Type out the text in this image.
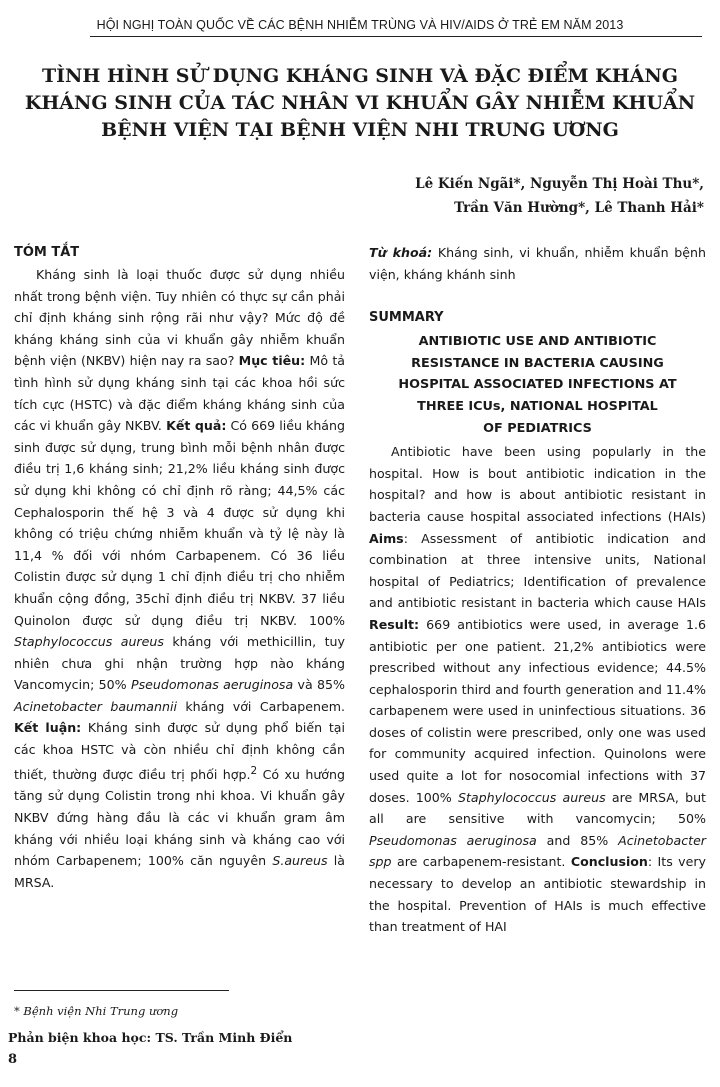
HỘI NGHỊ TOÀN QUỐC VỀ CÁC BỆNH NHIỄM TRÙNG VÀ HIV/AIDS Ở TRẺ EM NĂM 2013
TÌNH HÌNH SỬ DỤNG KHÁNG SINH VÀ ĐẶC ĐIỂM KHÁNG
KHÁNG SINH CỦA TÁC NHÂN VI KHUẨN GÂY NHIỄM KHUẨN
BỆNH VIỆN TẠI BỆNH VIỆN NHI TRUNG ƯƠNG
Lê Kiến Ngãi*, Nguyễn Thị Hoài Thu*,
Trần Văn Hường*, Lê Thanh Hải*
TÓM TẮT

Kháng sinh là loại thuốc được sử dụng nhiều nhất trong bệnh viện. Tuy nhiên có thực sự cần phải chỉ định kháng sinh rộng rãi như vậy? Mức độ đề kháng kháng sinh của vi khuẩn gây nhiễm khuẩn bệnh viện (NKBV) hiện nay ra sao? Mục tiêu: Mô tả tình hình sử dụng kháng sinh tại các khoa hồi sức tích cực (HSTC) và đặc điểm kháng kháng sinh của các vi khuẩn gây NKBV. Kết quả: Có 669 liều kháng sinh được sử dụng, trung bình mỗi bệnh nhân được điều trị 1,6 kháng sinh; 21,2% liều kháng sinh được sử dụng khi không có chỉ định rõ ràng; 44,5% các Cephalosporin thế hệ 3 và 4 được sử dụng khi không có triệu chứng nhiễm khuẩn và tỷ lệ này là 11,4 % đối với nhóm Carbapenem. Có 36 liều Colistin được sử dụng 1 chỉ định điều trị cho nhiễm khuẩn cộng đồng, 35chỉ định điều trị NKBV. 37 liều Quinolon được sử dụng điều trị NKBV. 100% Staphylococcus aureus kháng với methicillin, tuy nhiên chưa ghi nhận trường hợp nào kháng Vancomycin; 50% Pseudomonas aeruginosa và 85% Acinetobacter baumannii kháng với Carbapenem. Kết luận: Kháng sinh được sử dụng phổ biến tại các khoa HSTC và còn nhiều chỉ định không cần thiết, thường được điều trị phối hợp.$^2$ Có xu hướng tăng sử dụng Colistin trong nhi khoa. Vi khuẩn gây NKBV đứng hàng đầu là các vi khuẩn gram âm kháng với nhiều loại kháng sinh và kháng cao với nhóm Carbapenem; 100% căn nguyên S.aureus là MRSA.

Từ khoá: Kháng sinh, vi khuẩn, nhiễm khuẩn bệnh viện, kháng khánh sinh

SUMMARY
ANTIBIOTIC USE AND ANTIBIOTIC
RESISTANCE IN BACTERIA CAUSING
HOSPITAL ASSOCIATED INFECTIONS AT
THREE ICUs, NATIONAL HOSPITAL
OF PEDIATRICS

Antibiotic have been using popularly in the hospital. How is bout antibiotic indication in the hospital? and how is about antibiotic resistant in bacteria cause hospital associated infections (HAIs) Aims: Assessment of antibiotic indication and combination at three intensive units, National hospital of Pediatrics; Identification of prevalence and antibiotic resistant in bacteria which cause HAIs Result: 669 antibiotics were used, in average 1.6 antibiotic per one patient. 21,2% antibiotics were prescribed without any infectious evidence; 44.5% cephalosporin third and fourth generation and 11.4% carbapenem were used in uninfectious situations. 36 doses of colistin were prescribed, only one was used for community acquired infection. Quinolons were used quite a lot for nosocomial infections with 37 doses. 100% Staphylococcus aureus are MRSA, but all are sensitive with vancomycin; 50% Pseudomonas aeruginosa and 85% Acinetobacter spp are carbapenem-resistant. Conclusion: Its very necessary to develop an antibiotic stewardship in the hospital. Prevention of HAIs is much effective than treatment of HAI

* Bệnh viện Nhi Trung ương
Phản biện khoa học: TS. Trần Minh Điển
8
